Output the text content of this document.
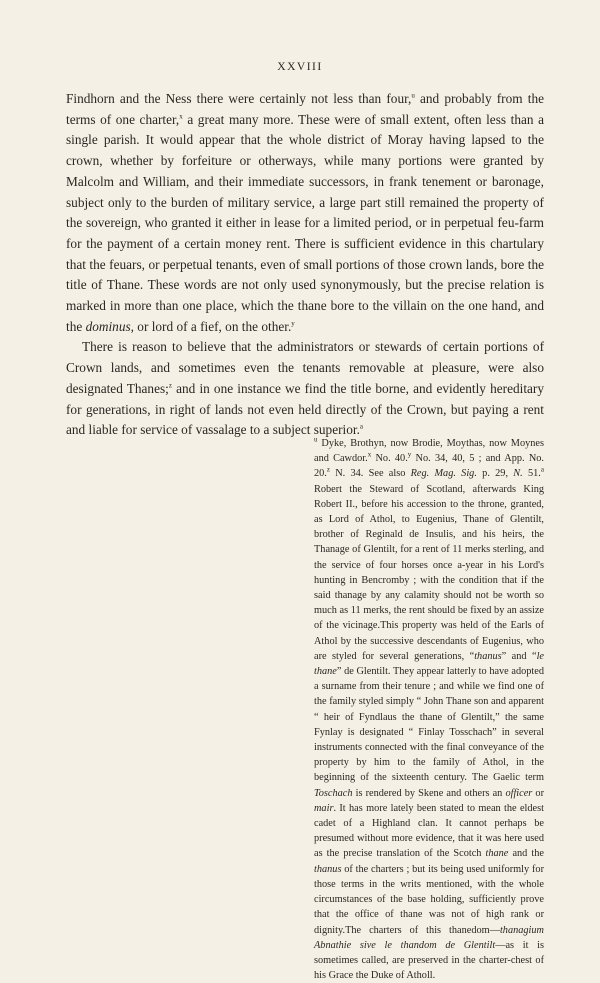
XXVIII

Findhorn and the Ness there were certainly not less than four,$^u$ and probably from the terms of one charter,$^x$ a great many more. These were of small extent, often less than a single parish. It would appear that the whole district of Moray having lapsed to the crown, whether by forfeiture or otherways, while many portions were granted by Malcolm and William, and their immediate successors, in frank tenement or baronage, subject only to the burden of military service, a large part still remained the property of the sovereign, who granted it either in lease for a limited period, or in perpetual feu-farm for the payment of a certain money rent. There is sufficient evidence in this chartulary that the feuars, or perpetual tenants, even of small portions of those crown lands, bore the title of Thane. These words are not only used synonymously, but the precise relation is marked in more than one place, which the thane bore to the villain on the one hand, and the dominus, or lord of a fief, on the other.$^y$

There is reason to believe that the administrators or stewards of certain portions of Crown lands, and sometimes even the tenants removable at pleasure, were also designated Thanes;$^z$ and in one instance we find the title borne, and evidently hereditary for generations, in right of lands not even held directly of the Crown, but paying a rent and liable for service of vassalage to a subject superior.$^a$

$^u$ Dyke, Brothyn, now Brodie, Moythas, now Moynes and Cawdor.$^x$ No. 40.$^y$ No. 34, 40, 5 ; and App. No. 20.$^z$ N. 34. See also Reg. Mag. Sig. p. 29, N. 51.$^a$ Robert the Steward of Scotland, afterwards King Robert II., before his accession to the throne, granted, as Lord of Athol, to Eugenius, Thane of Glentilt, brother of Reginald de Insulis, and his heirs, the Thanage of Glentilt, for a rent of 11 merks sterling, and the service of four horses once a-year in his Lord's hunting in Bencromby ; with the condition that if the said thanage by any calamity should not be worth so much as 11 merks, the rent should be fixed by an assize of the vicinage.This property was held of the Earls of Athol by the successive descendants of Eugenius, who are styled for several generations, “thanus” and “le thane” de Glentilt. They appear latterly to have adopted a surname from their tenure ; and while we find one of the family styled simply “ John Thane son and apparent “ heir of Fyndlaus the thane of Glentilt,” the same Fynlay is designated “ Finlay Tosschach” in several instruments connected with the final conveyance of the property by him to the family of Athol, in the beginning of the sixteenth century. The Gaelic term Toschach is rendered by Skene and others an officer or mair. It has more lately been stated to mean the eldest cadet of a Highland clan. It cannot perhaps be presumed without more evidence, that it was here used as the precise translation of the Scotch thane and the thanus of the charters ; but its being used uniformly for those terms in the writs mentioned, with the whole circumstances of the base holding, sufficiently prove that the office of thane was not of high rank or dignity.The charters of this thanedom—thanagium Abnathie sive le thandom de Glentilt—as it is sometimes called, are preserved in the charter-chest of his Grace the Duke of Atholl.
